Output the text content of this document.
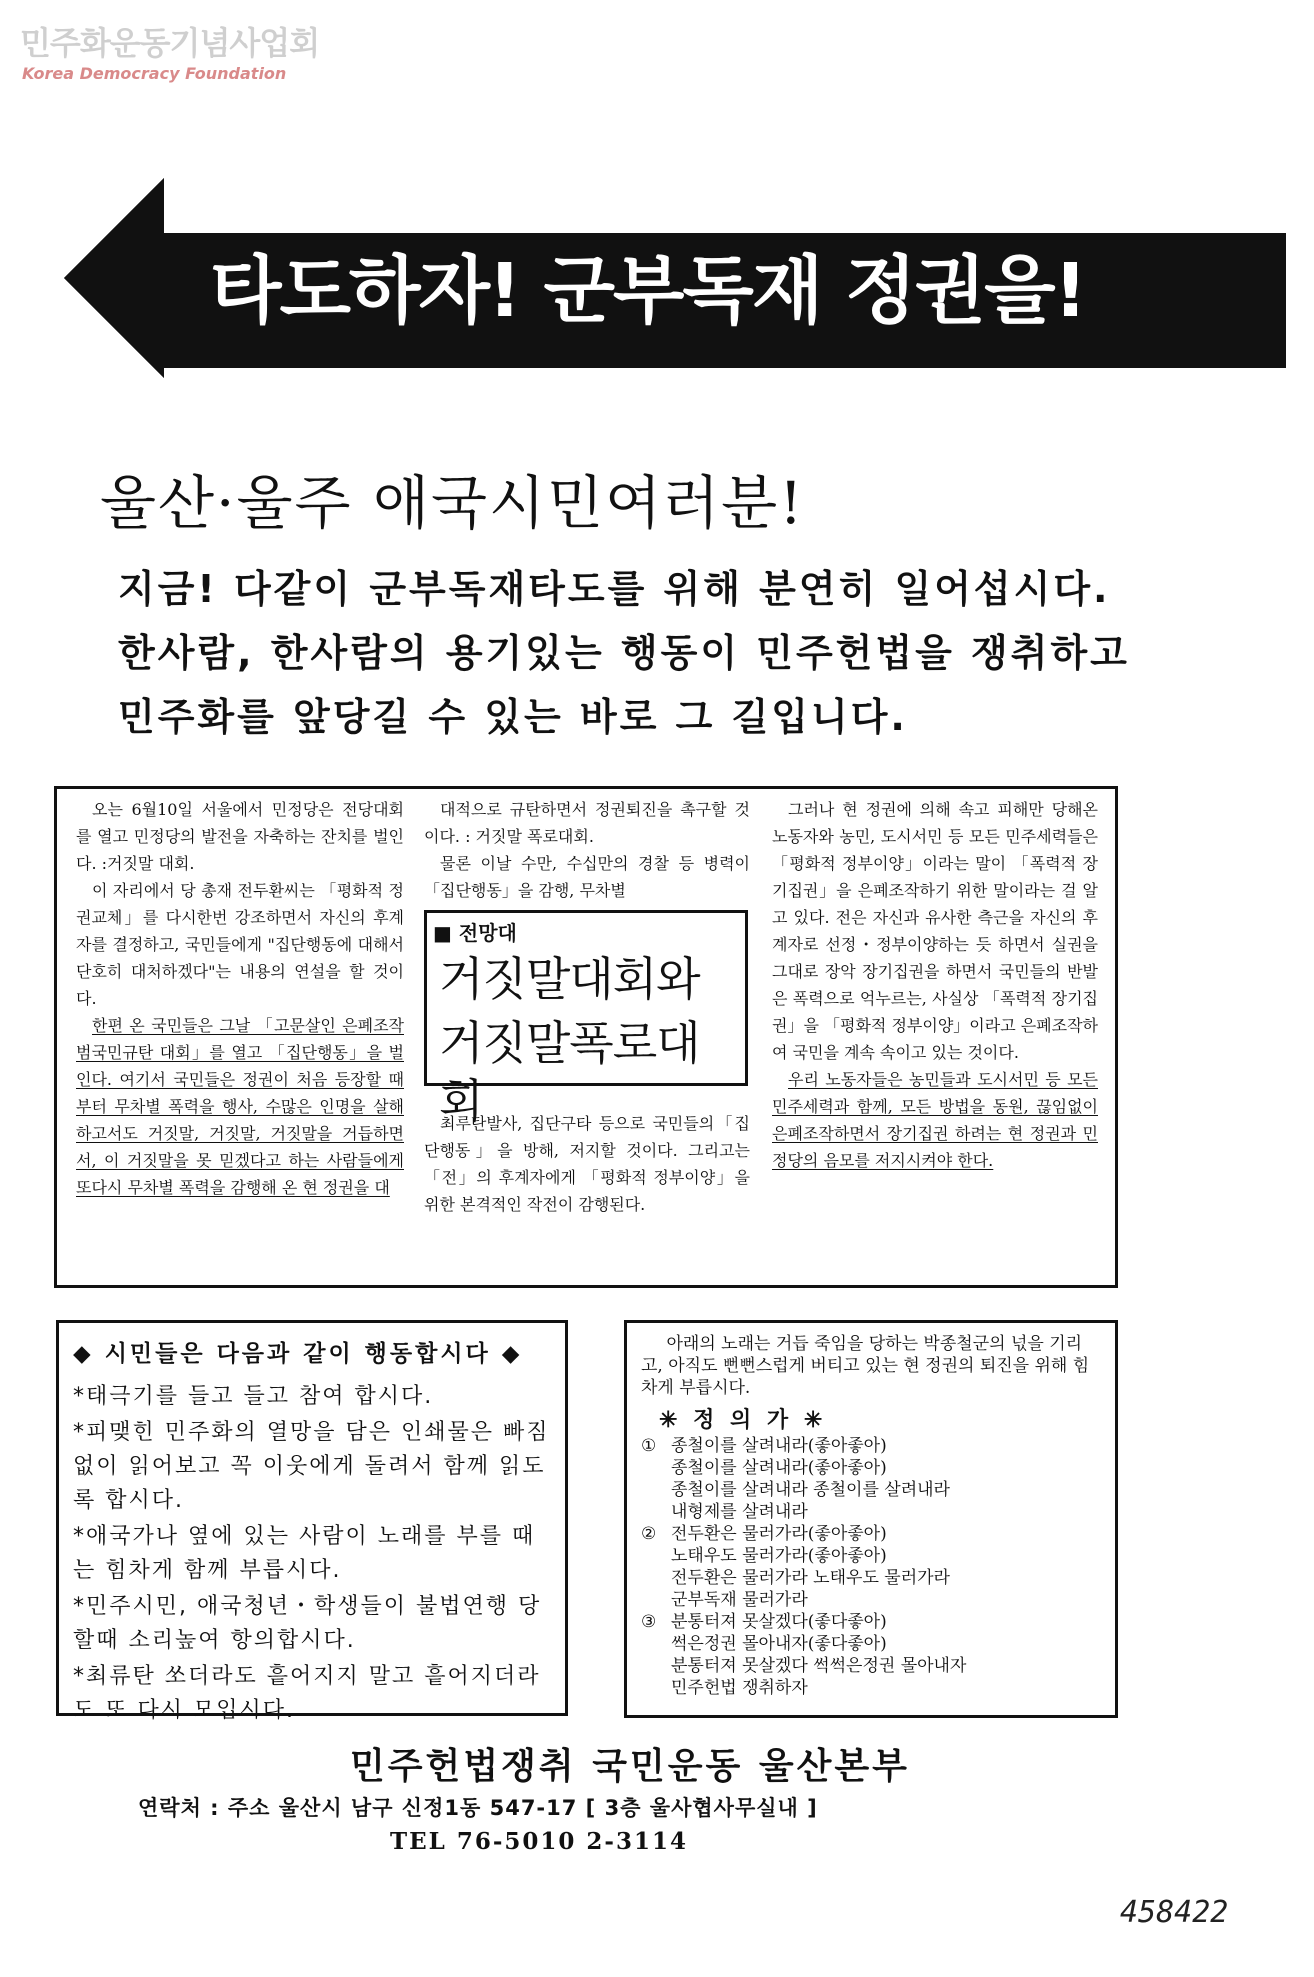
민주화운동기념사업회
Korea Democracy Foundation
타도하자! 군부독재 정권을!
울산·울주 애국시민여러분!
지금! 다같이 군부독재타도를 위해 분연히 일어섭시다.
한사람, 한사람의 용기있는 행동이 민주헌법을 쟁취하고
민주화를 앞당길 수 있는 바로 그 길입니다.

오는 6월10일 서울에서 민정당은 전당대회를 열고 민정당의 발전을 자축하는 잔치를 벌인다. :거짓말 대회.

이 자리에서 당 총재 전두환씨는 「평화적 정권교체」를 다시한번 강조하면서 자신의 후계자를 결정하고, 국민들에게 "집단행동에 대해서 단호히 대처하겠다"는 내용의 연설을 할 것이다.

한편 온 국민들은 그날 「고문살인 은폐조작 범국민규탄 대회」를 열고 「집단행동」을 벌인다. 여기서 국민들은 정권이 처음 등장할 때부터 무차별 폭력을 행사, 수많은 인명을 살해하고서도 거짓말, 거짓말, 거짓말을 거듭하면서, 이 거짓말을 못 믿겠다고 하는 사람들에게 또다시 무차별 폭력을 감행해 온 현 정권을 대

대적으로 규탄하면서 정권퇴진을 촉구할 것이다. : 거짓말 폭로대회.

물론 이날 수만, 수십만의 경찰 등 병력이 「집단행동」을 감행, 무차별

■ 전망대
거짓말대회와
거짓말폭로대회

최루탄발사, 집단구타 등으로 국민들의「집단행동」을 방해, 저지할 것이다. 그리고는 「전」의 후계자에게 「평화적 정부이양」을 위한 본격적인 작전이 감행된다.

그러나 현 정권에 의해 속고 피해만 당해온 노동자와 농민, 도시서민 등 모든 민주세력들은 「평화적 정부이양」이라는 말이 「폭력적 장기집권」을 은폐조작하기 위한 말이라는 걸 알고 있다. 전은 자신과 유사한 측근을 자신의 후계자로 선정・정부이양하는 듯 하면서 실권을 그대로 장악 장기집권을 하면서 국민들의 반발은 폭력으로 억누르는, 사실상 「폭력적 장기집권」을 「평화적 정부이양」이라고 은폐조작하여 국민을 계속 속이고 있는 것이다.

우리 노동자들은 농민들과 도시서민 등 모든 민주세력과 함께, 모든 방법을 동원, 끊임없이 은폐조작하면서 장기집권 하려는 현 정권과 민정당의 음모를 저지시켜야 한다.

◆ 시민들은 다음과 같이 행동합시다 ◆
*태극기를 들고 들고 참여 합시다.
*피맺힌 민주화의 열망을 담은 인쇄물은 빠짐없이 읽어보고 꼭 이웃에게 돌려서 함께 읽도록 합시다.
*애국가나 옆에 있는 사람이 노래를 부를 때는 힘차게 함께 부릅시다.
*민주시민, 애국청년・학생들이 불법연행 당할때 소리높여 항의합시다.
*최류탄 쏘더라도 흩어지지 말고 흩어지더라도 또 다시 모입시다.
아래의 노래는 거듭 죽임을 당하는 박종철군의 넋을 기리고, 아직도 뻔뻔스럽게 버티고 있는 현 정권의 퇴진을 위해 힘차게 부릅시다.
✳ 정 의 가 ✳
① 종철이를 살려내라(좋아좋아)
종철이를 살려내라(좋아좋아)
종철이를 살려내라 종철이를 살려내라
내형제를 살려내라
② 전두환은 물러가라(좋아좋아)
노태우도 물러가라(좋아좋아)
전두환은 물러가라 노태우도 물러가라
군부독재 물러가라
③ 분통터져 못살겠다(좋다좋아)
썩은정권 몰아내자(좋다좋아)
분통터져 못살겠다 썩썩은정권 몰아내자
민주헌법 쟁취하자
민주헌법쟁취 국민운동 울산본부
연락처 : 주소 울산시 남구 신정1동 547-17 [ 3층 울사협사무실내 ]
TEL 76-5010 2-3114
458422
